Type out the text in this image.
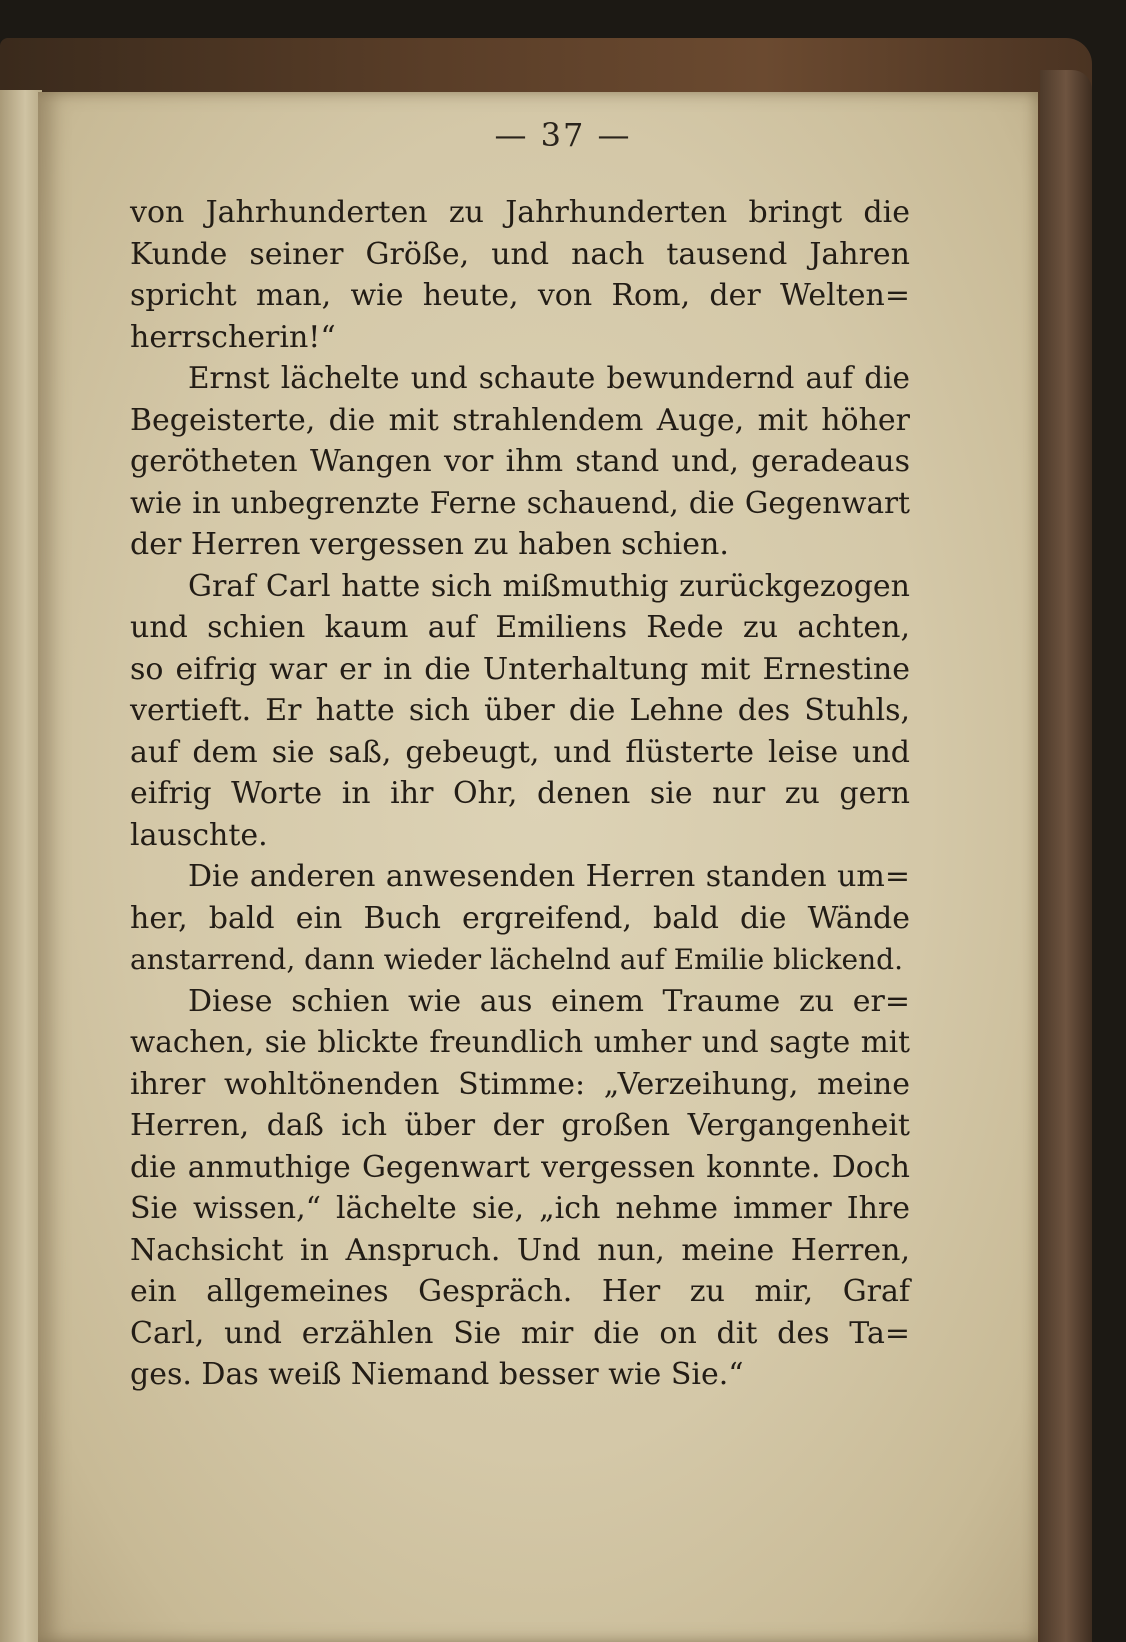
— 37 —
von Jahrhunderten zu Jahrhunderten bringt die
Kunde seiner Größe, und nach tausend Jahren
spricht man, wie heute, von Rom, der Welten=
herrscherin!“
Ernst lächelte und schaute bewundernd auf die
Begeisterte, die mit strahlendem Auge, mit höher
gerötheten Wangen vor ihm stand und, geradeaus
wie in unbegrenzte Ferne schauend, die Gegenwart
der Herren vergessen zu haben schien.
Graf Carl hatte sich mißmuthig zurückgezogen
und schien kaum auf Emiliens Rede zu achten,
so eifrig war er in die Unterhaltung mit Ernestine
vertieft. Er hatte sich über die Lehne des Stuhls,
auf dem sie saß, gebeugt, und flüsterte leise und
eifrig Worte in ihr Ohr, denen sie nur zu gern
lauschte.
Die anderen anwesenden Herren standen um=
her, bald ein Buch ergreifend, bald die Wände
anstarrend, dann wieder lächelnd auf Emilie blickend.
Diese schien wie aus einem Traume zu er=
wachen, sie blickte freundlich umher und sagte mit
ihrer wohltönenden Stimme: „Verzeihung, meine
Herren, daß ich über der großen Vergangenheit
die anmuthige Gegenwart vergessen konnte. Doch
Sie wissen,“ lächelte sie, „ich nehme immer Ihre
Nachsicht in Anspruch. Und nun, meine Herren,
ein allgemeines Gespräch. Her zu mir, Graf
Carl, und erzählen Sie mir die on dit des Ta=
ges. Das weiß Niemand besser wie Sie.“
